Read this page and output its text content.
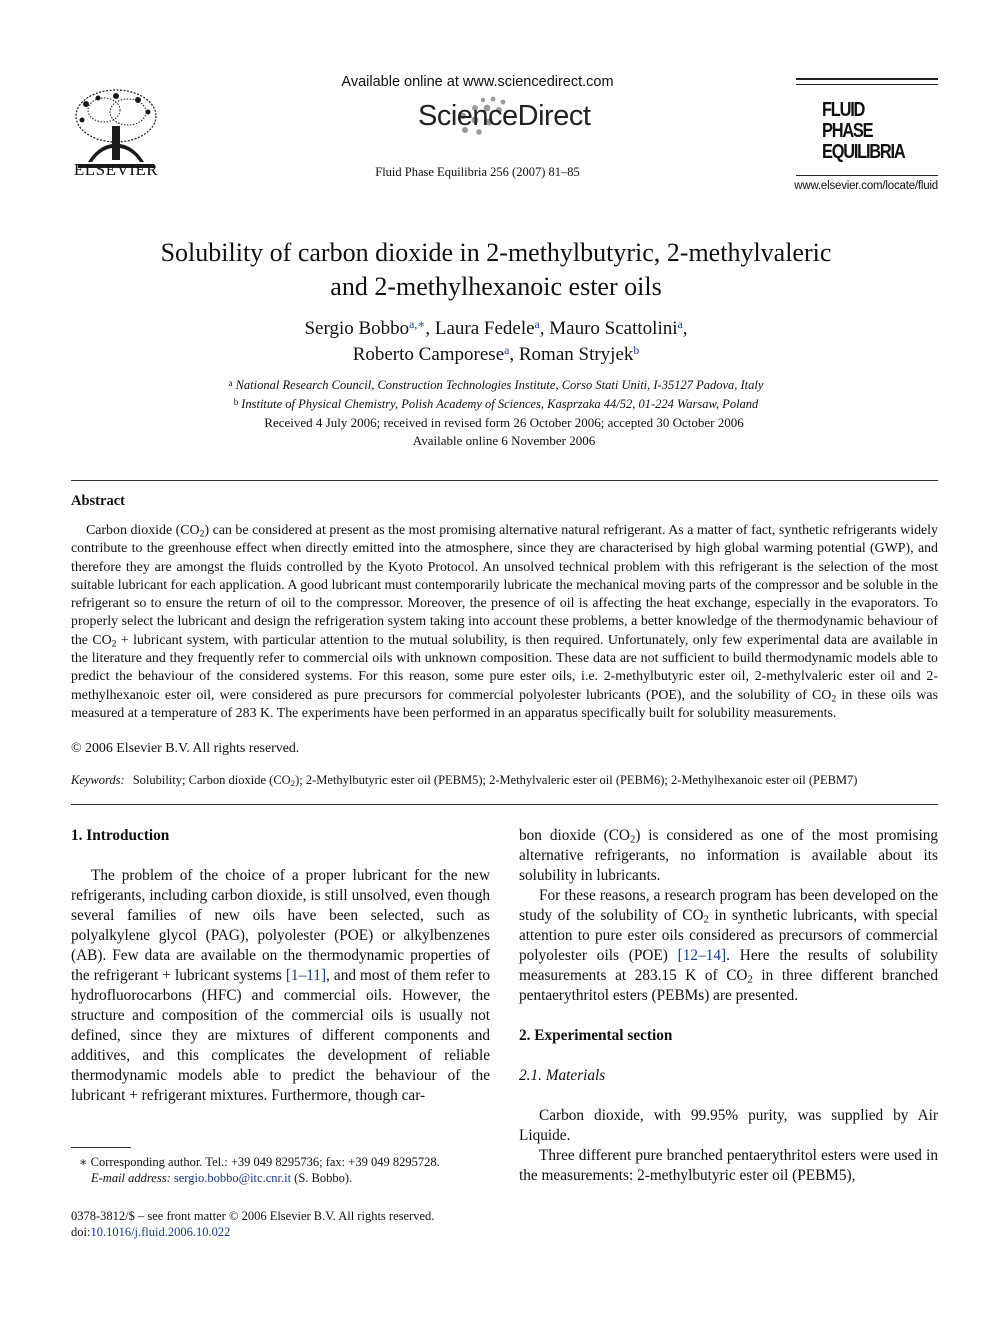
ELSEVIER
Available online at www.sciencedirect.com
ScienceDirect
Fluid Phase Equilibria 256 (2007) 81–85
FLUID PHASE
EQUILIBRIA
www.elsevier.com/locate/fluid
Solubility of carbon dioxide in 2-methylbutyric, 2-methylvaleric
and 2-methylhexanoic ester oils
Sergio Bobbo$^{a,∗}$, Laura Fedele$^a$, Mauro Scattolini$^a$,
Roberto Camporese$^a$, Roman Stryjek$^b$
$^a$ National Research Council, Construction Technologies Institute, Corso Stati Uniti, I-35127 Padova, Italy
$^b$ Institute of Physical Chemistry, Polish Academy of Sciences, Kasprzaka 44/52, 01-224 Warsaw, Poland
Received 4 July 2006; received in revised form 26 October 2006; accepted 30 October 2006
Available online 6 November 2006
Abstract

Carbon dioxide $(CO_2)$ can be considered at present as the most promising alternative natural refrigerant. As a matter of fact, synthetic refrigerants widely contribute to the greenhouse effect when directly emitted into the atmosphere, since they are characterised by high global warming potential (GWP), and therefore they are amongst the fluids controlled by the Kyoto Protocol. An unsolved technical problem with this refrigerant is the selection of the most suitable lubricant for each application. A good lubricant must contemporarily lubricate the mechanical moving parts of the compressor and be soluble in the refrigerant so to ensure the return of oil to the compressor. Moreover, the presence of oil is affecting the heat exchange, especially in the evaporators. To properly select the lubricant and design the refrigeration system taking into account these problems, a better knowledge of the thermodynamic behaviour of the $CO_2$ + lubricant system, with particular attention to the mutual solubility, is then required. Unfortunately, only few experimental data are available in the literature and they frequently refer to commercial oils with unknown composition. These data are not sufficient to build thermodynamic models able to predict the behaviour of the considered systems. For this reason, some pure ester oils, i.e. 2-methylbutyric ester oil, 2-methylvaleric ester oil and 2-methylhexanoic ester oil, were considered as pure precursors for commercial polyolester lubricants (POE), and the solubility of $CO_2$ in these oils was measured at a temperature of 283 K. The experiments have been performed in an apparatus specifically built for solubility measurements.

© 2006 Elsevier B.V. All rights reserved.
Keywords: Solubility; Carbon dioxide $(CO_2)$; 2-Methylbutyric ester oil (PEBM5); 2-Methylvaleric ester oil (PEBM6); 2-Methylhexanoic ester oil (PEBM7)

1. Introduction

The problem of the choice of a proper lubricant for the new refrigerants, including carbon dioxide, is still unsolved, even though several families of new oils have been selected, such as polyalkylene glycol (PAG), polyolester (POE) or alkylbenzenes (AB). Few data are available on the thermodynamic properties of the refrigerant + lubricant systems [1–11], and most of them refer to hydrofluorocarbons (HFC) and commercial oils. However, the structure and composition of the commercial oils is usually not defined, since they are mixtures of different components and additives, and this complicates the development of reliable thermodynamic models able to predict the behaviour of the lubricant + refrigerant mixtures. Furthermore, though car-

bon dioxide $(CO_2)$ is considered as one of the most promising alternative refrigerants, no information is available about its solubility in lubricants.

For these reasons, a research program has been developed on the study of the solubility of $CO_2$ in synthetic lubricants, with special attention to pure ester oils considered as precursors of commercial polyolester oils (POE) [12–14]. Here the results of solubility measurements at 283.15 K of $CO_2$ in three different branched pentaerythritol esters (PEBMs) are presented.

2. Experimental section

2.1. Materials

Carbon dioxide, with 99.95% purity, was supplied by Air Liquide.

Three different pure branched pentaerythritol esters were used in the measurements: 2-methylbutyric ester oil (PEBM5),

∗ Corresponding author. Tel.: +39 049 8295736; fax: +39 049 8295728.
E-mail address: sergio.bobbo@itc.cnr.it (S. Bobbo).
0378-3812/$ – see front matter © 2006 Elsevier B.V. All rights reserved.
doi:10.1016/j.fluid.2006.10.022
